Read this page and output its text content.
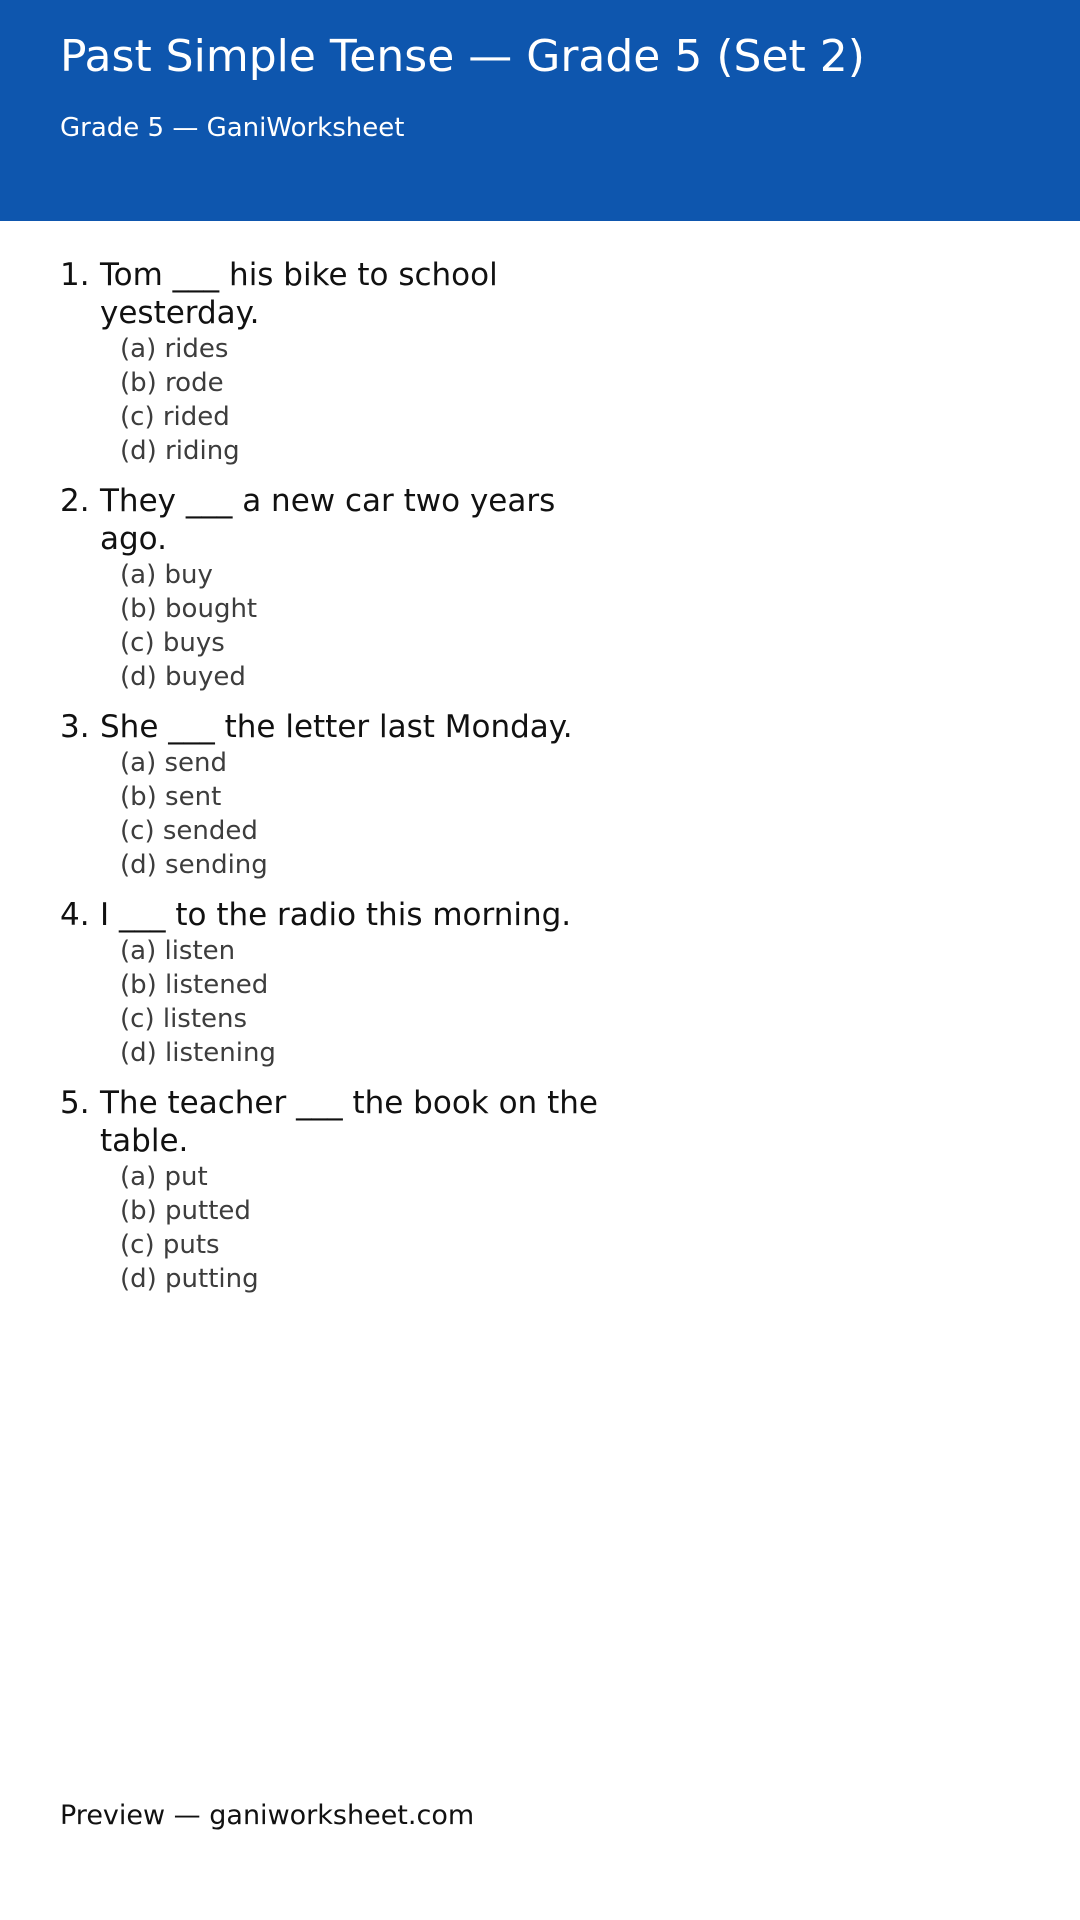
Past Simple Tense — Grade 5 (Set 2)
Grade 5 — GaniWorksheet
1. Tom ___ his bike to school yesterday.
(a) rides
(b) rode
(c) rided
(d) riding
2. They ___ a new car two years ago.
(a) buy
(b) bought
(c) buys
(d) buyed
3. She ___ the letter last Monday.
(a) send
(b) sent
(c) sended
(d) sending
4. I ___ to the radio this morning.
(a) listen
(b) listened
(c) listens
(d) listening
5. The teacher ___ the book on the table.
(a) put
(b) putted
(c) puts
(d) putting
Preview — ganiworksheet.com
